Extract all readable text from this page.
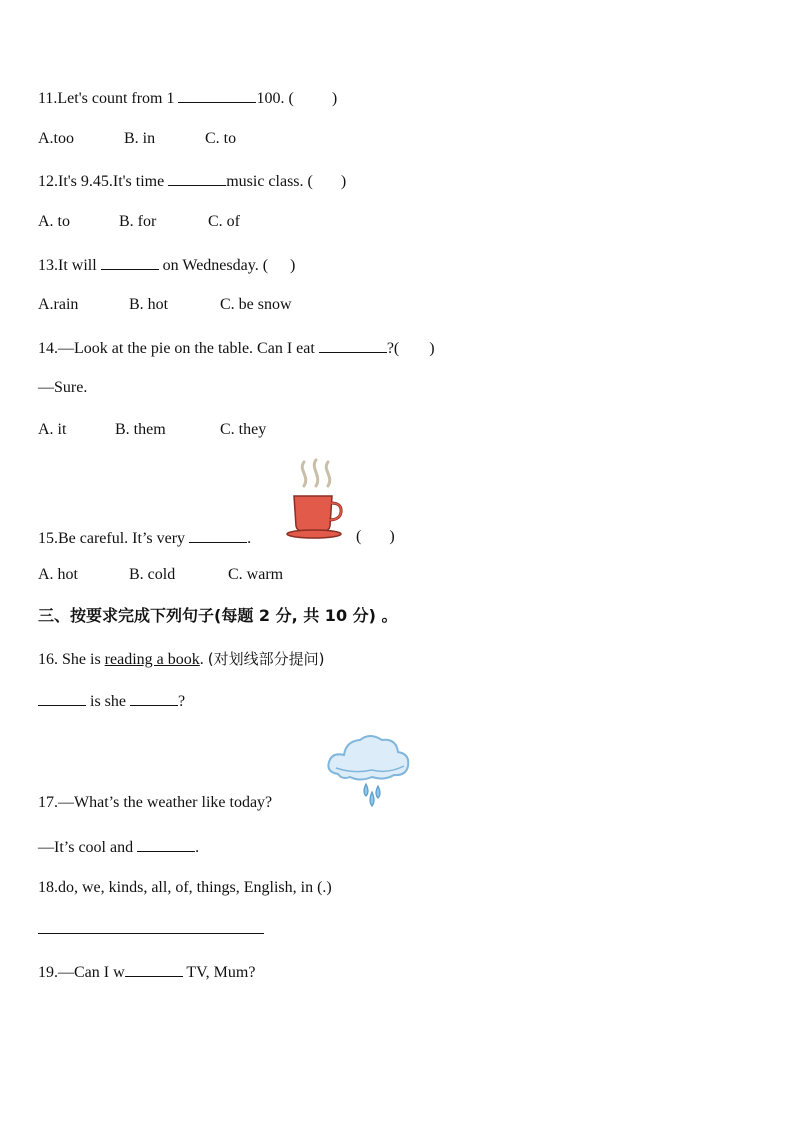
11.Let's count from 1	100. ( )
A.too	B. in	C. to
12.It's 9.45.It's time	music class. ( )
A. to	B. for	C. of
13.It will	on Wednesday. ( )
A.rain	B. hot	C. be snow
14.—Look at the pie on the table. Can I eat	?( )
—Sure.
A. it	B. them	C. they
15.Be careful. It’s very	.	( )
A. hot	B. cold	C. warm
三、按要求完成下列句子(每题 2 分, 共 10 分) 。
16. She is reading a book. (对划线部分提问)
is she	?
17.—What’s the weather like today?
—It’s cool and	.
18.do, we, kinds, all, of, things, English, in (.)
19.—Can I w	TV, Mum?
